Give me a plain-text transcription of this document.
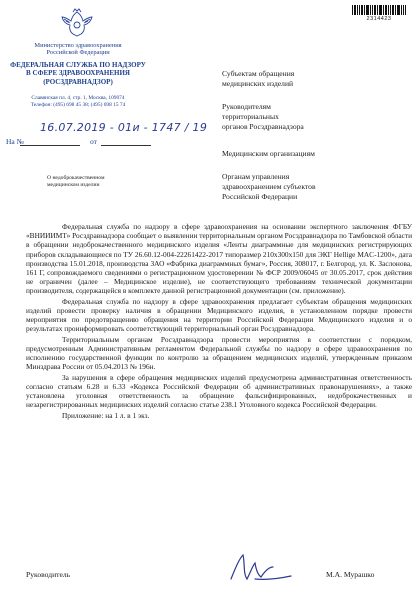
Министерство здравоохранения
Российской Федерации
ФЕДЕРАЛЬНАЯ СЛУЖБА ПО НАДЗОРУ
В СФЕРЕ ЗДРАВООХРАНЕНИЯ
(РОСЗДРАВНАДЗОР)
Славянская пл. 4, стр. 1, Москва, 109074
Телефон: (495) 698 45 38; (495) 698 15 74
16.07.2019 - 01и - 1747 / 19
На №	от
О недоброкачественном
медицинском изделии
2314423
Субъектам обращения
медицинских изделий
Руководителям
территориальных
органов Росздравнадзора
Медицинским организациям
Органам управления
здравоохранением субъектов
Российской Федерации

Федеральная служба по надзору в сфере здравоохранения на основании экспертного заключения ФГБУ «ВНИИИМТ» Росздравнадзора сообщает о выявлении территориальным органом Росздравнадзора по Тамбовской области в обращении недоброкачественного медицинского изделия «Ленты диаграммные для медицинских регистрирующих приборов складывающиеся по ТУ 26.60.12-004-22261422-2017 типоразмер 210x300x150 для ЭКГ Hellige MAC-1200», дата производства 15.01.2018, производства ЗАО «Фабрика диаграммных бумаг», Россия, 308017, г. Белгород, ул. К. Заслонова, 161 Г, сопровождаемого сведениями о регистрационном удостоверении № ФСР 2009/06045 от 30.05.2017, срок действия не ограничен (далее – Медицинское изделие), не соответствующего требованиям технической документации производителя, содержащейся в комплекте данной регистрационной документации (см. приложение).

Федеральная служба по надзору в сфере здравоохранения предлагает субъектам обращения медицинских изделий провести проверку наличия в обращении Медицинского изделия, в установленном порядке провести мероприятия по предотвращению обращения на территории Российской Федерации Медицинского изделия и о результатах проинформировать соответствующий территориальный орган Росздравнадзора.

Территориальным органам Росздравнадзора провести мероприятия в соответствии с порядком, предусмотренным Административным регламентом Федеральной службы по надзору в сфере здравоохранения по исполнению государственной функции по контролю за обращением медицинских изделий, утвержденным приказом Минздрава России от 05.04.2013 № 196н.

За нарушения в сфере обращения медицинских изделий предусмотрена административная ответственность согласно статьям 6.28 и 6.33 «Кодекса Российской Федерации об административных правонарушениях», а также установлена уголовная ответственность за обращение фальсифицированных, недоброкачественных и незарегистрированных медицинских изделий согласно статье 238.1 Уголовного кодекса Российской Федерации.

Приложение: на 1 л. в 1 экз.

Руководитель	М.А. Мурашко
